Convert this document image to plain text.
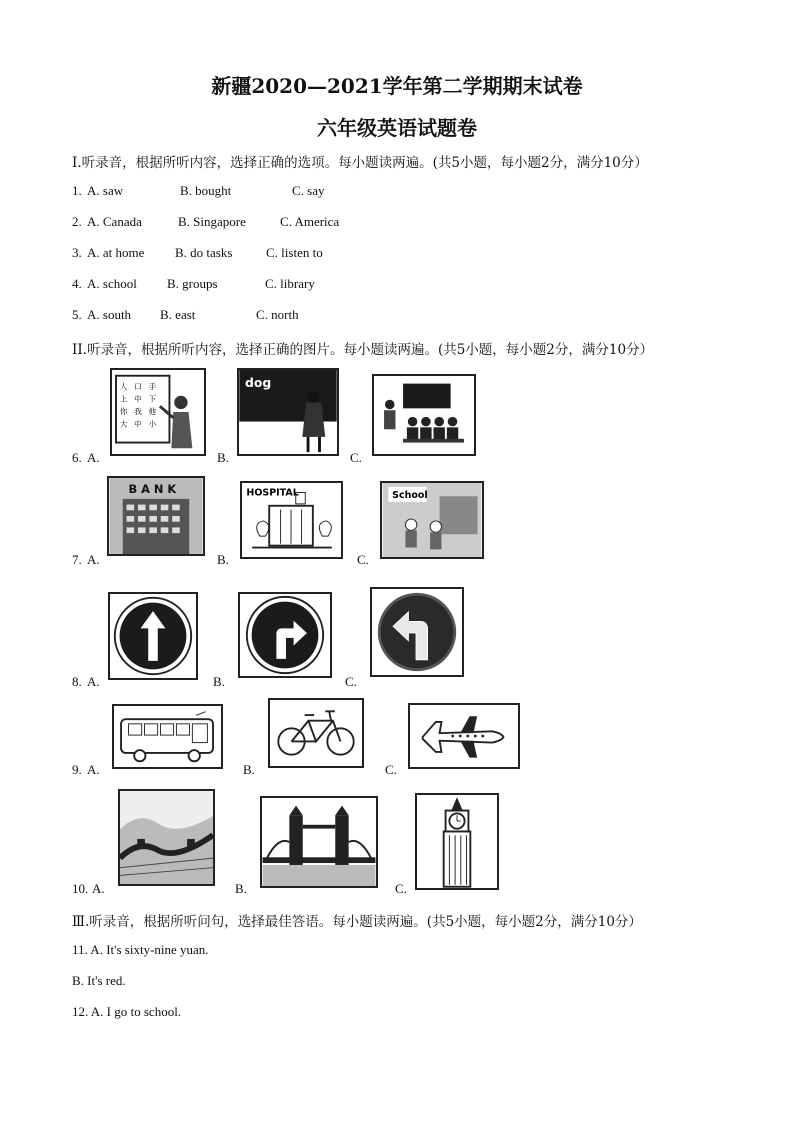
新疆2020—2021学年第二学期期末试卷
六年级英语试题卷
I.听录音，根据所听内容，选择正确的选项。每小题读两遍。(共5小题，每小题2分，满分10分）
1. A. saw	B. bought	C. say
2. A. Canada	B. Singapore	C. America
3. A. at home B. do tasks	C. listen to
4. A. school B. groups	C. library
5. A. south B. east	C. north
II.听录音，根据所听内容，选择正确的图片。每小题读两遍。(共5小题，每小题2分，满分10分）
6. A.
人
上
你
大
口
中
我
中
手
下
他
小
B.
dog
C.
7. A.
B A N K
B.
HOSPITAL
C.
School
8. A.	B.	C.
9. A.	B.	C.
10. A.	B.	C.
Ⅲ.听录音，根据所听问句，选择最佳答语。每小题读两遍。(共5小题，每小题2分，满分10分）
11. A. It's sixty-nine yuan.
B. It's red.
12. A. I go to school.
